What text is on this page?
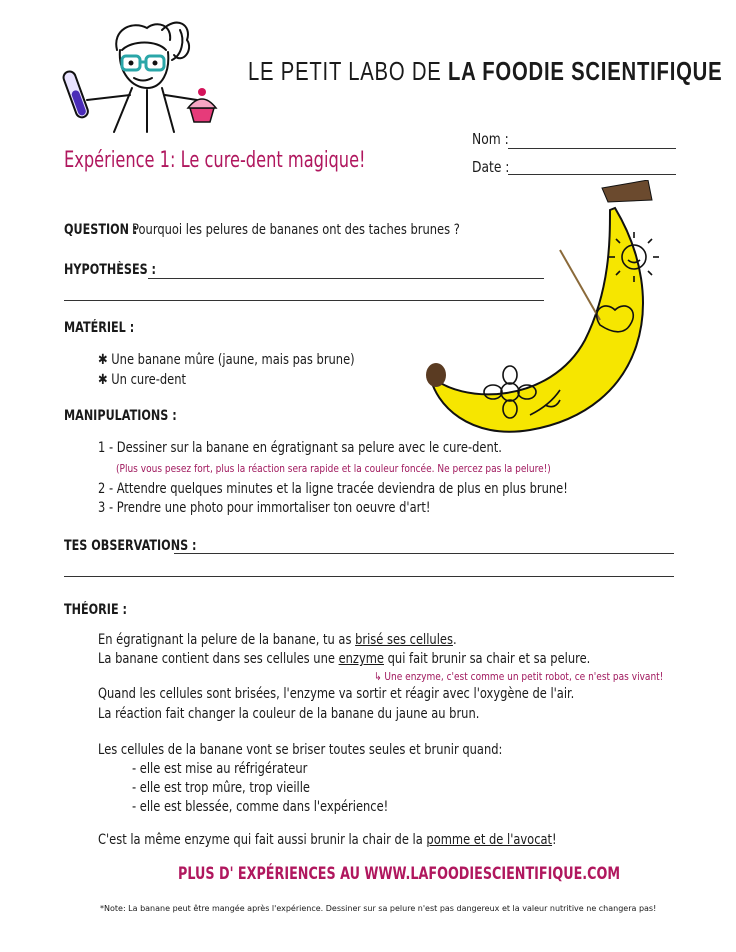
LE PETIT LABO DE LA FOODIE SCIENTIFIQUE
Nom :
Date :
Expérience 1: Le cure-dent magique!
QUESTION :
Pourquoi les pelures de bananes ont des taches brunes ?
HYPOTHÈSES :
MATÉRIEL :
✱ Une banane mûre (jaune, mais pas brune)
✱ Un cure-dent
MANIPULATIONS :
1 - Dessiner sur la banane en égratignant sa pelure avec le cure-dent.
(Plus vous pesez fort, plus la réaction sera rapide et la couleur foncée. Ne percez pas la pelure!)
2 - Attendre quelques minutes et la ligne tracée deviendra de plus en plus brune!
3 - Prendre une photo pour immortaliser ton oeuvre d'art!
TES OBSERVATIONS :
THÉORIE :
En égratignant la pelure de la banane, tu as brisé ses cellules.
La banane contient dans ses cellules une enzyme qui fait brunir sa chair et sa pelure.
↳ Une enzyme, c'est comme un petit robot, ce n'est pas vivant!
Quand les cellules sont brisées, l'enzyme va sortir et réagir avec l'oxygène de l'air.
La réaction fait changer la couleur de la banane du jaune au brun.
Les cellules de la banane vont se briser toutes seules et brunir quand:
- elle est mise au réfrigérateur
- elle est trop mûre, trop vieille
- elle est blessée, comme dans l'expérience!
C'est la même enzyme qui fait aussi brunir la chair de la pomme et de l'avocat!
PLUS D' EXPÉRIENCES AU WWW.LAFOODIESCIENTIFIQUE.COM
*Note: La banane peut être mangée après l'expérience. Dessiner sur sa pelure n'est pas dangereux et la valeur nutritive ne changera pas!
